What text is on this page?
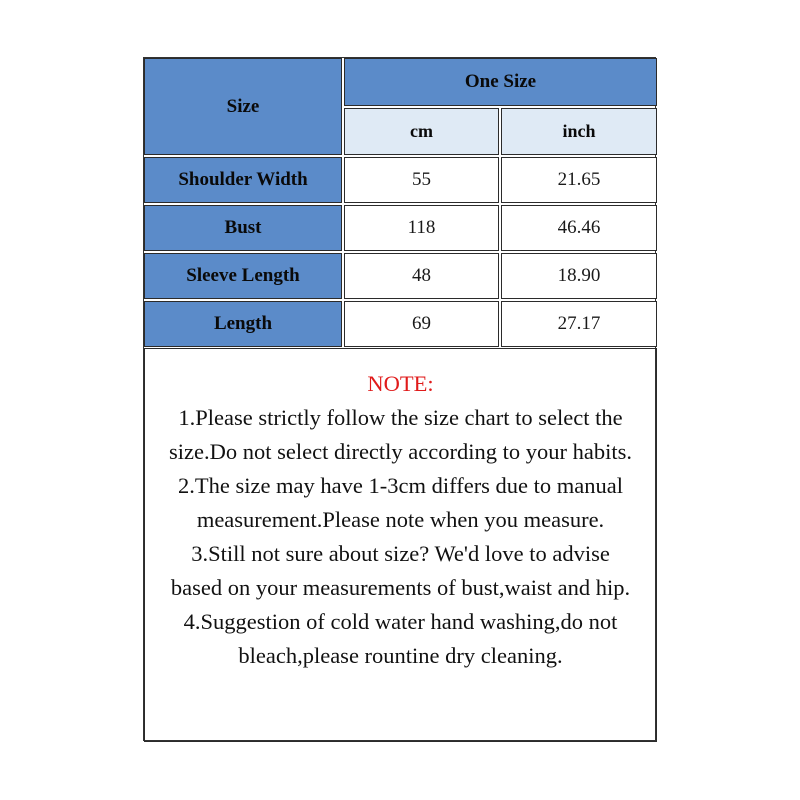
Size
One Size
cm	inch
Shoulder Width	55	21.65
Bust	118	46.46
Sleeve Length	48	18.90
Length	69	27.17
NOTE:
1.Please strictly follow the size chart to select the size.Do not select directly according to your habits.
2.The size may have 1-3cm differs due to manual measurement.Please note when you measure.
3.Still not sure about size? We'd love to advise based on your measurements of bust,waist and hip.
4.Suggestion of cold water hand washing,do not bleach,please rountine dry cleaning.
